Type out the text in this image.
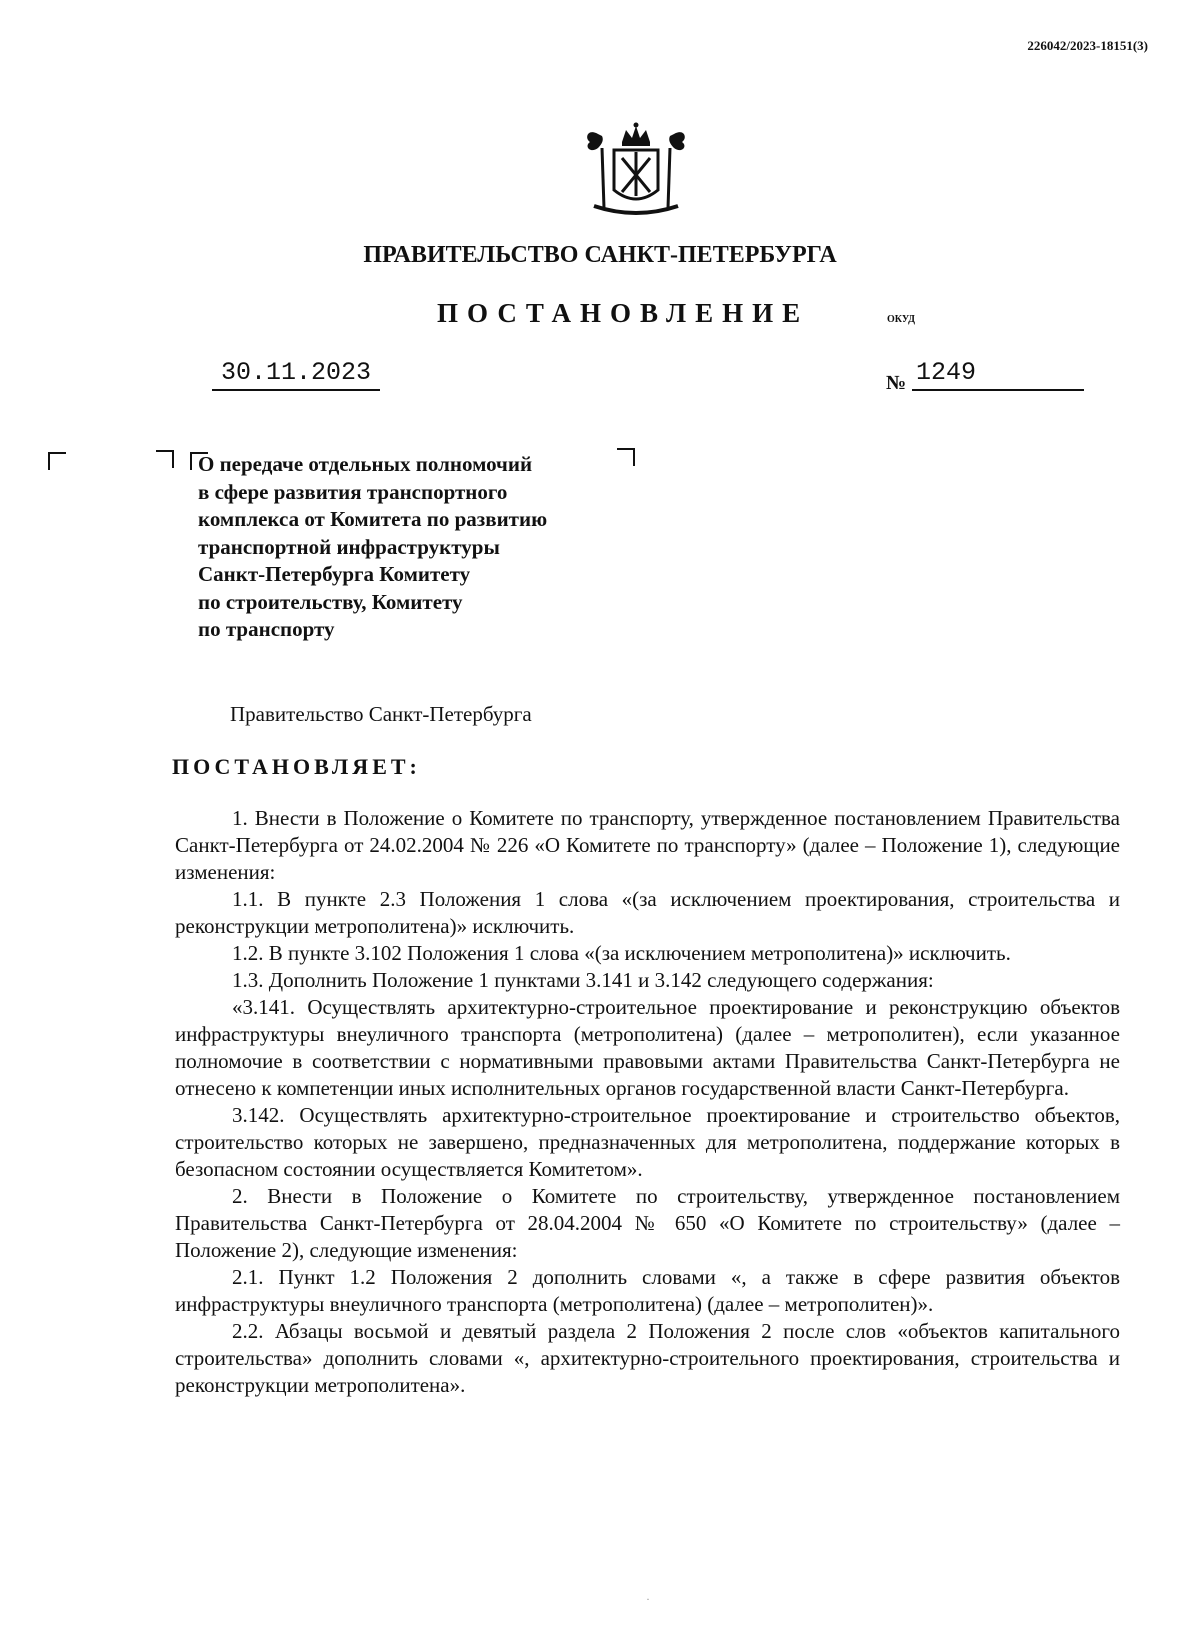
226042/2023-18151(3)
ПРАВИТЕЛЬСТВО САНКТ-ПЕТЕРБУРГА
ПОСТАНОВЛЕНИЕ	ОКУД
30.11.2023	№ 1249
О передаче отдельных полномочий
в сфере развития транспортного
комплекса от Комитета по развитию
транспортной инфраструктуры
Санкт-Петербурга Комитету
по строительству, Комитету
по транспорту
Правительство Санкт-Петербурга
ПОСТАНОВЛЯЕТ:

1. Внести в Положение о Комитете по транспорту, утвержденное постановлением Правительства Санкт-Петербурга от 24.02.2004 № 226 «О Комитете по транспорту» (далее – Положение 1), следующие изменения:

1.1. В пункте 2.3 Положения 1 слова «(за исключением проектирования, строительства и реконструкции метрополитена)» исключить.

1.2. В пункте 3.102 Положения 1 слова «(за исключением метрополитена)» исключить.

1.3. Дополнить Положение 1 пунктами 3.141 и 3.142 следующего содержания:

«3.141. Осуществлять архитектурно-строительное проектирование и реконструкцию объектов инфраструктуры внеуличного транспорта (метрополитена) (далее – метрополитен), если указанное полномочие в соответствии с нормативными правовыми актами Правительства Санкт-Петербурга не отнесено к компетенции иных исполнительных органов государственной власти Санкт-Петербурга.

3.142. Осуществлять архитектурно-строительное проектирование и строительство объектов, строительство которых не завершено, предназначенных для метрополитена, поддержание которых в безопасном состоянии осуществляется Комитетом».

2. Внести в Положение о Комитете по строительству, утвержденное постановлением Правительства Санкт-Петербурга от 28.04.2004 № 650 «О Комитете по строительству» (далее – Положение 2), следующие изменения:

2.1. Пункт 1.2 Положения 2 дополнить словами «, а также в сфере развития объектов инфраструктуры внеуличного транспорта (метрополитена) (далее – метрополитен)».

2.2. Абзацы восьмой и девятый раздела 2 Положения 2 после слов «объектов капитального строительства» дополнить словами «, архитектурно-строительного проектирования, строительства и реконструкции метрополитена».

·
